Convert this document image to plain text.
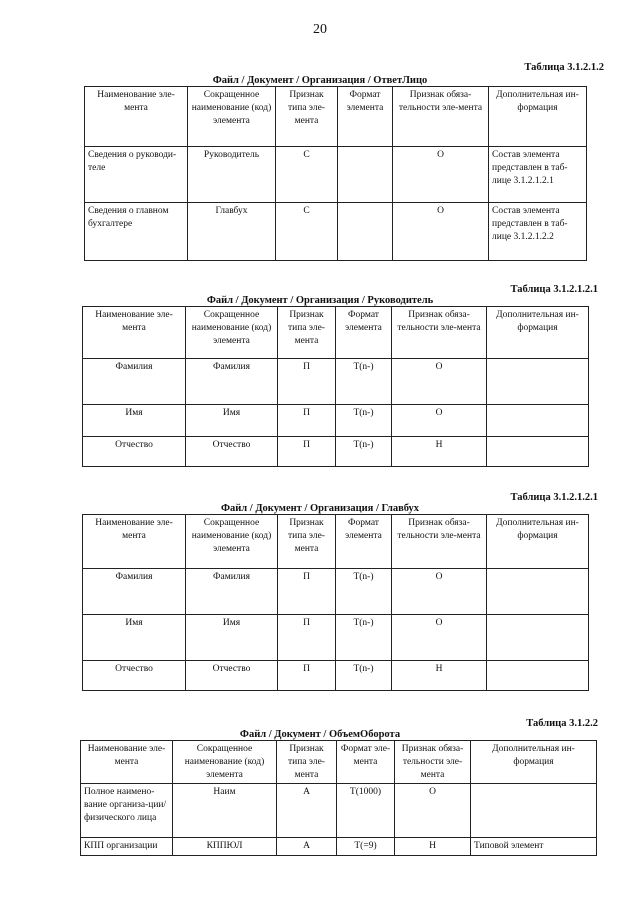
20
Таблица 3.1.2.1.2
Файл / Документ / Организация / ОтветЛицо
Наименование эле-мента	Сокращенное наименование (код) элемента	Признак типа эле-мента	Формат элемента	Признак обяза-тельности эле-мента	Дополнительная ин-формация
Сведения о руководи-теле	Руководитель	С		О	Состав элемента представлен в таб-лице 3.1.2.1.2.1
Сведения о главном бухгалтере	Главбух	С		О	Состав элемента представлен в таб-лице 3.1.2.1.2.2
Таблица 3.1.2.1.2.1
Файл / Документ / Организация / Руководитель
Наименование эле-мента	Сокращенное наименование (код) элемента	Признак типа эле-мента	Формат элемента	Признак обяза-тельности эле-мента	Дополнительная ин-формация
Фамилия	Фамилия	П	T(n-)	О	
Имя	Имя	П	T(n-)	О	
Отчество	Отчество	П	T(n-)	Н	
Таблица 3.1.2.1.2.1
Файл / Документ / Организация / Главбух
Наименование эле-мента	Сокращенное наименование (код) элемента	Признак типа эле-мента	Формат элемента	Признак обяза-тельности эле-мента	Дополнительная ин-формация
Фамилия	Фамилия	П	T(n-)	О	
Имя	Имя	П	T(n-)	О	
Отчество	Отчество	П	T(n-)	Н	
Таблица 3.1.2.2
Файл / Документ / ОбъемОборота
Наименование эле-мента	Сокращенное наименование (код) элемента	Признак типа эле-мента	Формат эле-мента	Признак обяза-тельности эле-мента	Дополнительная ин-формация
Полное наимено-вание организа-ции/физического лица	Наим	А	T(1000)	О	
КПП организации	КППЮЛ	А	T(=9)	Н	Типовой элемент
